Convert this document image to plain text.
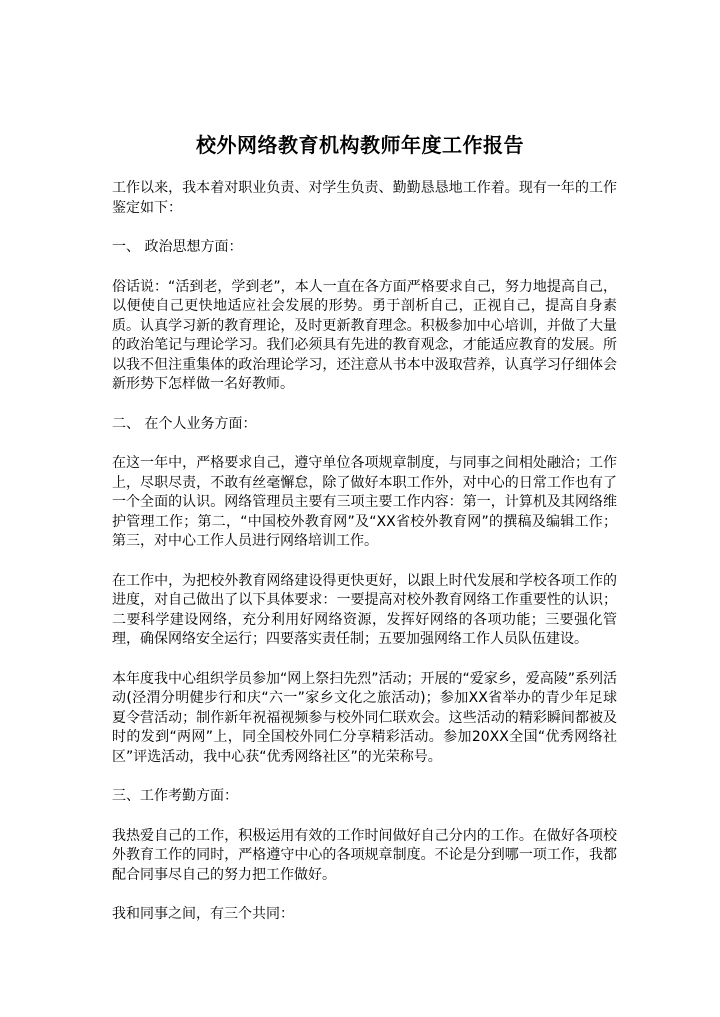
校外网络教育机构教师年度工作报告

工作以来，我本着对职业负责、对学生负责、勤勤恳恳地工作着。现有一年的工作鉴定如下：

一、 政治思想方面：

俗话说：“活到老，学到老”，本人一直在各方面严格要求自己，努力地提高自己，以便使自己更快地适应社会发展的形势。勇于剖析自己，正视自己，提高自身素质。认真学习新的教育理论，及时更新教育理念。积极参加中心培训，并做了大量的政治笔记与理论学习。我们必须具有先进的教育观念，才能适应教育的发展。所以我不但注重集体的政治理论学习，还注意从书本中汲取营养，认真学习仔细体会新形势下怎样做一名好教师。

二、 在个人业务方面：

在这一年中，严格要求自己，遵守单位各项规章制度，与同事之间相处融洽；工作上，尽职尽责，不敢有丝毫懈怠，除了做好本职工作外，对中心的日常工作也有了一个全面的认识。网络管理员主要有三项主要工作内容：第一，计算机及其网络维护管理工作；第二，“中国校外教育网”及“XX省校外教育网”的撰稿及编辑工作；第三，对中心工作人员进行网络培训工作。

在工作中，为把校外教育网络建设得更快更好，以跟上时代发展和学校各项工作的进度，对自己做出了以下具体要求：一要提高对校外教育网络工作重要性的认识；二要科学建设网络，充分利用好网络资源，发挥好网络的各项功能；三要强化管理，确保网络安全运行；四要落实责任制；五要加强网络工作人员队伍建设。

本年度我中心组织学员参加“网上祭扫先烈”活动；开展的“爱家乡，爱高陵”系列活动(泾渭分明健步行和庆“六一”家乡文化之旅活动)；参加XX省举办的青少年足球夏令营活动；制作新年祝福视频参与校外同仁联欢会。这些活动的精彩瞬间都被及时的发到“两网”上，同全国校外同仁分享精彩活动。参加20XX全国“优秀网络社区”评选活动，我中心获“优秀网络社区”的光荣称号。

三、工作考勤方面：

我热爱自己的工作，积极运用有效的工作时间做好自己分内的工作。在做好各项校外教育工作的同时，严格遵守中心的各项规章制度。不论是分到哪一项工作，我都配合同事尽自己的努力把工作做好。

我和同事之间，有三个共同：
